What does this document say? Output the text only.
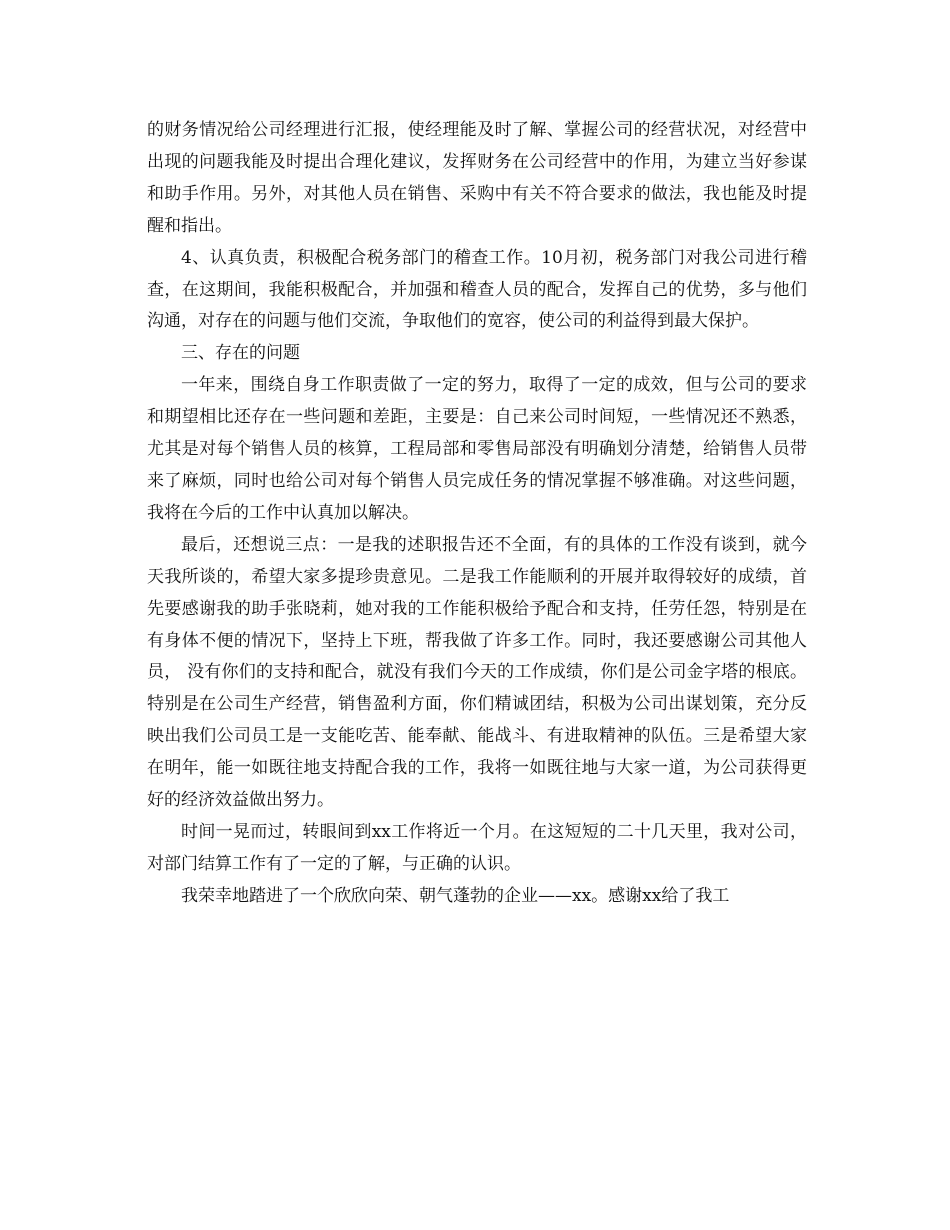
的财务情况给公司经理进行汇报，使经理能及时了解、掌握公司的经营状况，对经营中出现的问题我能及时提出合理化建议，发挥财务在公司经营中的作用，为建立当好参谋和助手作用。另外，对其他人员在销售、采购中有关不符合要求的做法，我也能及时提醒和指出。

4、认真负责，积极配合税务部门的稽查工作。10月初，税务部门对我公司进行稽查，在这期间，我能积极配合，并加强和稽查人员的配合，发挥自己的优势，多与他们沟通，对存在的问题与他们交流，争取他们的宽容，使公司的利益得到最大保护。

三、存在的问题

一年来，围绕自身工作职责做了一定的努力，取得了一定的成效，但与公司的要求和期望相比还存在一些问题和差距，主要是：自己来公司时间短，一些情况还不熟悉，尤其是对每个销售人员的核算，工程局部和零售局部没有明确划分清楚，给销售人员带来了麻烦，同时也给公司对每个销售人员完成任务的情况掌握不够准确。对这些问题，我将在今后的工作中认真加以解决。

最后，还想说三点：一是我的述职报告还不全面，有的具体的工作没有谈到，就今天我所谈的，希望大家多提珍贵意见。二是我工作能顺利的开展并取得较好的成绩，首先要感谢我的助手张晓莉，她对我的工作能积极给予配合和支持，任劳任怨，特别是在有身体不便的情况下，坚持上下班，帮我做了许多工作。同时，我还要感谢公司其他人员， 没有你们的支持和配合，就没有我们今天的工作成绩，你们是公司金字塔的根底。特别是在公司生产经营，销售盈利方面，你们精诚团结，积极为公司出谋划策，充分反映出我们公司员工是一支能吃苦、能奉献、能战斗、有进取精神的队伍。三是希望大家在明年，能一如既往地支持配合我的工作，我将一如既往地与大家一道，为公司获得更好的经济效益做出努力。

时间一晃而过，转眼间到xx工作将近一个月。在这短短的二十几天里，我对公司，对部门结算工作有了一定的了解，与正确的认识。

我荣幸地踏进了一个欣欣向荣、朝气蓬勃的企业——xx。感谢xx给了我工
